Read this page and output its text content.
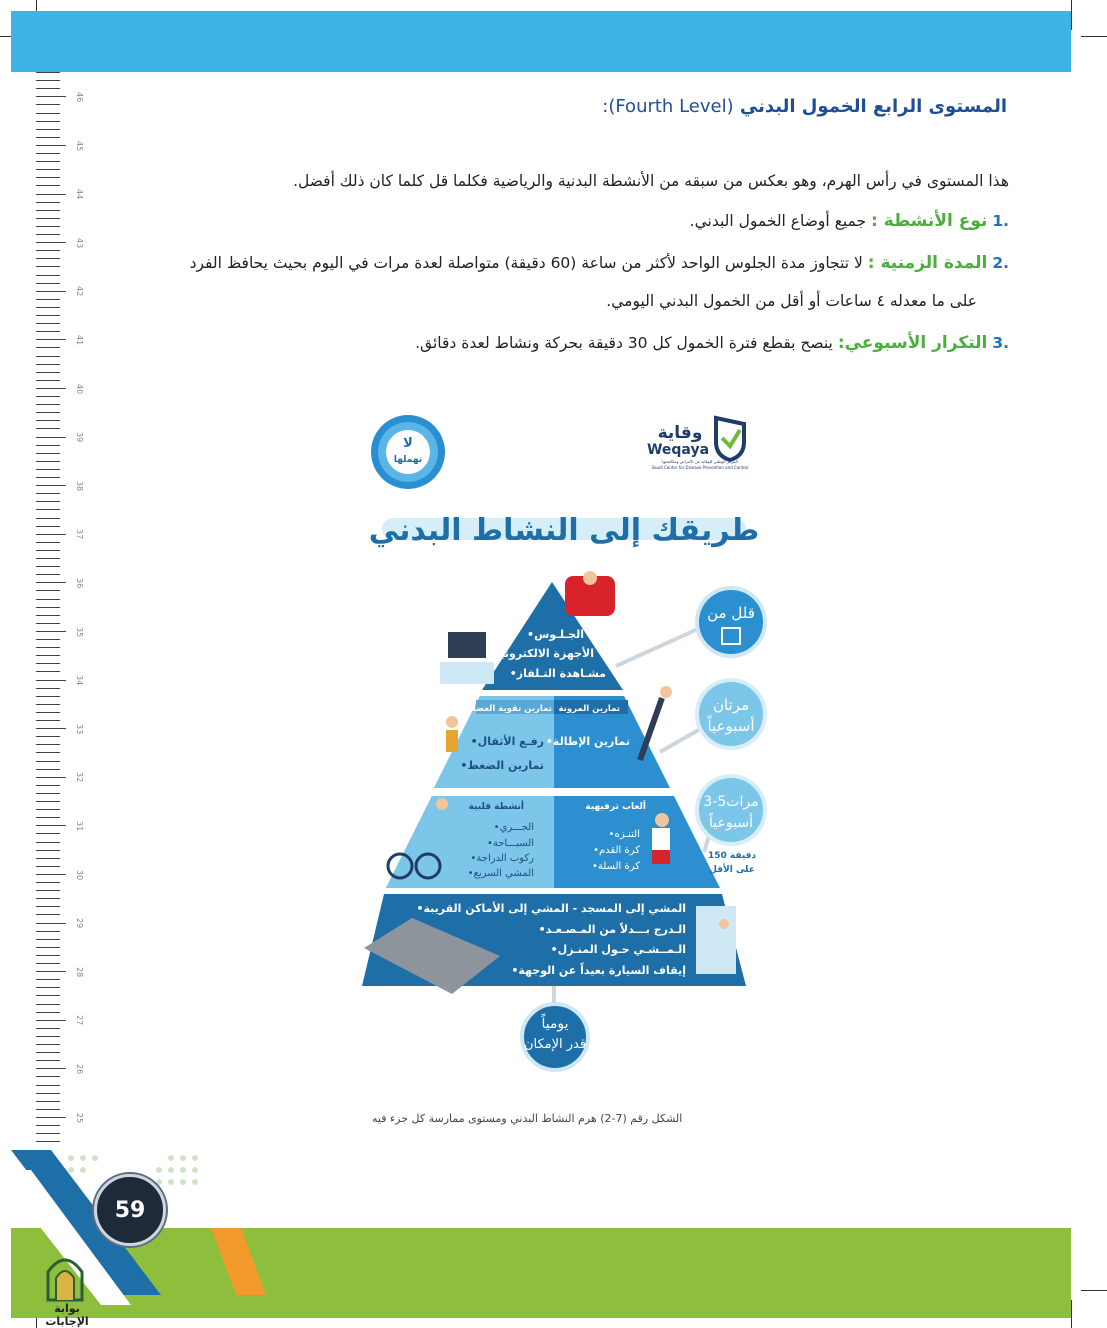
46
45
44
43
42
41
40
39
38
37
36
35
34
33
32
31
30
29
28
27
26
25
المستوى الرابع الخمول البدني (Fourth Level):
هذا المستوى في رأس الهرم، وهو بعكس من سبقه من الأنشطة البدنية والرياضية فكلما قل كلما كان ذلك أفضل.
.1 نوع الأنشطة : جميع أوضاع الخمول البدني.
.2 المدة الزمنية : لا تتجاوز مدة الجلوس الواحد لأكثر من ساعة (60 دقيقة) متواصلة لعدة مرات في اليوم بحيث يحافظ الفرد
على ما معدله ٤ ساعات أو أقل من الخمول البدني اليومي.
.3 التكرار الأسبوعي: ينصح بقطع فترة الخمول كل 30 دقيقة بحركة ونشاط لعدة دقائق.
لا
تهملها
وقاية
Weqaya
المركز الوطني للوقاية من الأمراض ومكافحتها
Saudi Center for Disease Prevention and Control
طريقك إلى النشاط البدني
•الجـلـوس
•الأجهزة الالكترونية
•مشـاهدة التـلفاز
تمارين تقوية العضلات تمارين المرونة
•تمارين الإطالة
•رفـع الأثقال
•تمارين الضغط
أنشطة قلبية	ألعاب ترفيهية
•الجـــري
•السبـــاحة
•ركوب الدراجة
•المشي السريع
•التنـزه
•كرة القدم
•كرة السلة
•المشي إلى المسجد - المشي إلى الأماكن القريبة
•الـدرج بـــدلاً من المـصـعـد
•الـمــشـي حـول المنـزل
•إيقاف السيارة بعيداً عن الوجهة
قلل من
مرتان
أسبوعياً
3-5مرات
أسبوعياً
150 دقيقة
على الأقل
يومياً
قدر الإمكان
الشكل رقم (7-2) هرم النشاط البدني ومستوى ممارسة كل جزء فيه
59
بوابة الإجابات
